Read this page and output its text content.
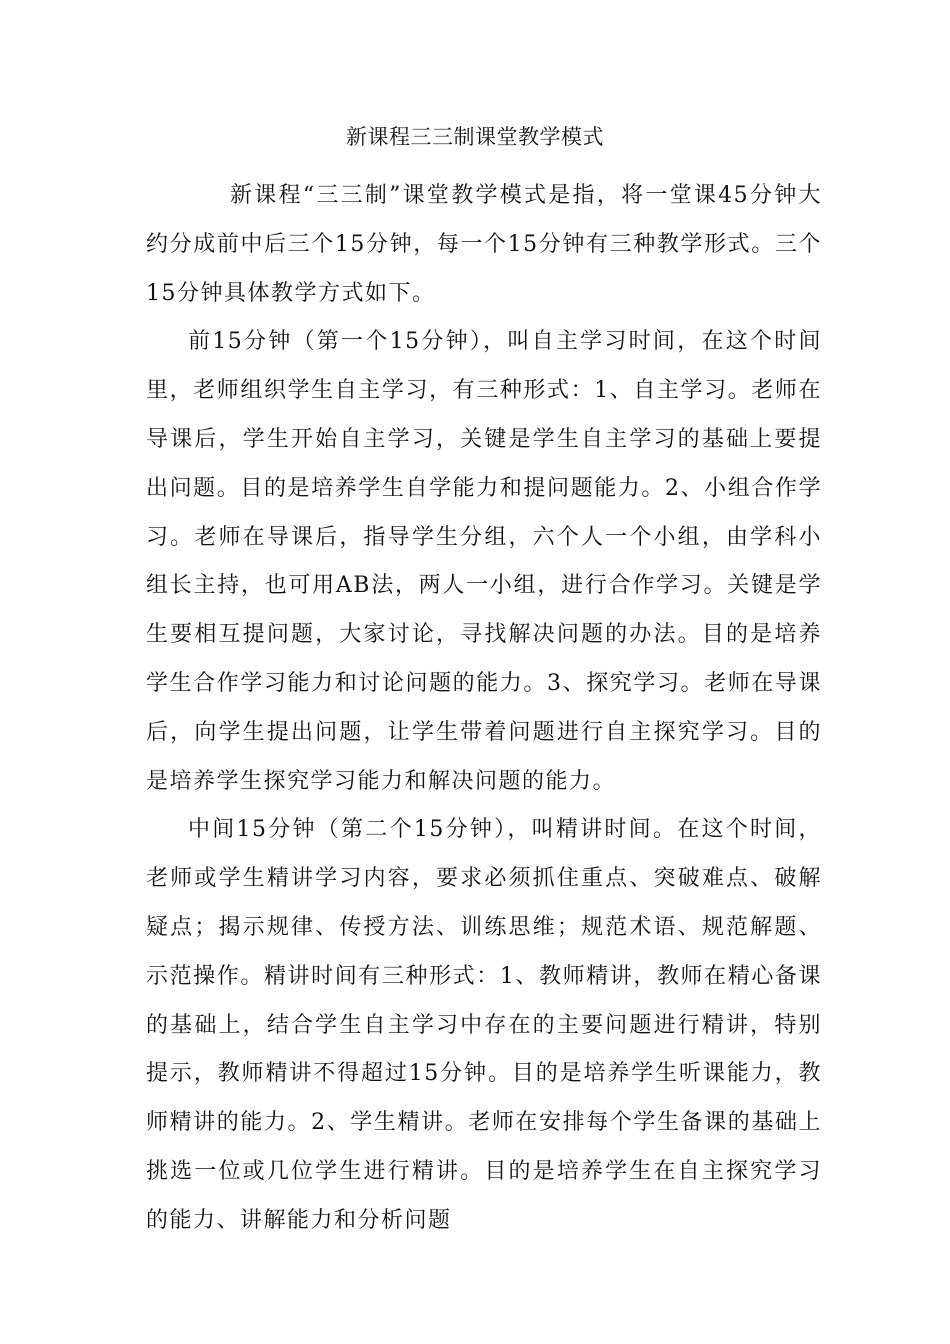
新课程三三制课堂教学模式

新课程“三三制”课堂教学模式是指，将一堂课45分钟大约分成前中后三个15分钟，每一个15分钟有三种教学形式。三个15分钟具体教学方式如下。

前15分钟（第一个15分钟），叫自主学习时间，在这个时间里，老师组织学生自主学习，有三种形式：1、自主学习。老师在导课后，学生开始自主学习，关键是学生自主学习的基础上要提出问题。目的是培养学生自学能力和提问题能力。2、小组合作学习。老师在导课后，指导学生分组，六个人一个小组，由学科小组长主持，也可用AB法，两人一小组，进行合作学习。关键是学生要相互提问题，大家讨论，寻找解决问题的办法。目的是培养学生合作学习能力和讨论问题的能力。3、探究学习。老师在导课后，向学生提出问题，让学生带着问题进行自主探究学习。目的是培养学生探究学习能力和解决问题的能力。

中间15分钟（第二个15分钟），叫精讲时间。在这个时间，老师或学生精讲学习内容，要求必须抓住重点、突破难点、破解疑点；揭示规律、传授方法、训练思维；规范术语、规范解题、示范操作。精讲时间有三种形式：1、教师精讲，教师在精心备课的基础上，结合学生自主学习中存在的主要问题进行精讲，特别提示，教师精讲不得超过15分钟。目的是培养学生听课能力，教师精讲的能力。2、学生精讲。老师在安排每个学生备课的基础上挑选一位或几位学生进行精讲。目的是培养学生在自主探究学习的能力、讲解能力和分析问题
